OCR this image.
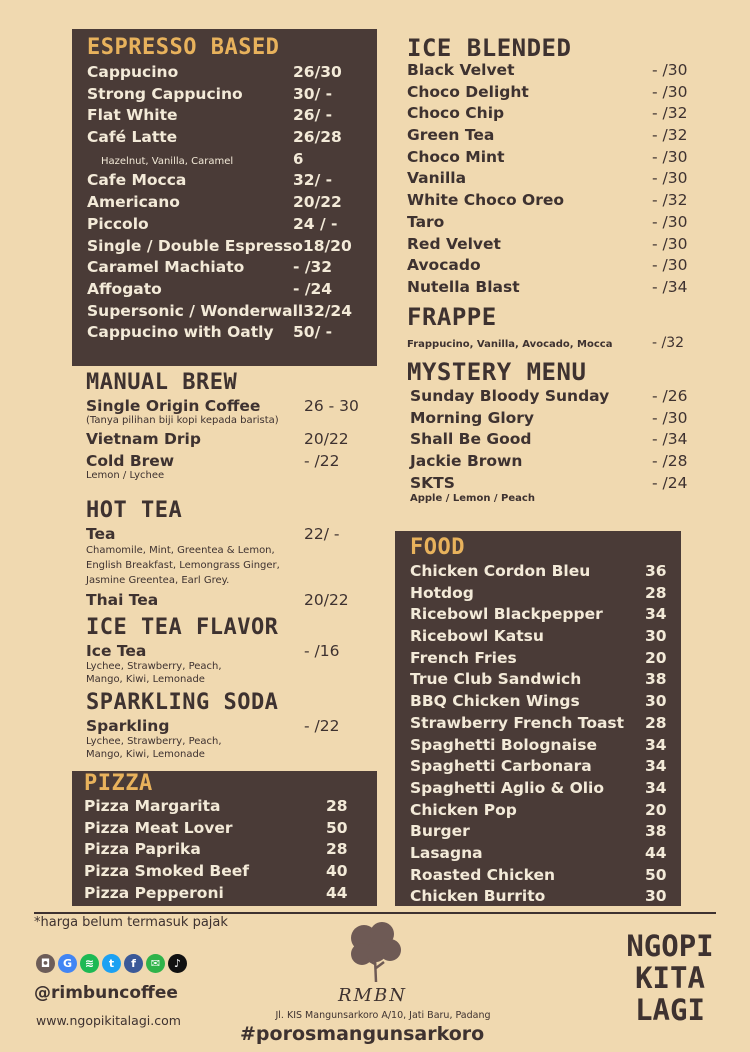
ESPRESSO BASED
Cappucino	26/30
Strong Cappucino	30/ -
Flat White	26/ -
Café Latte	26/28
Hazelnut, Vanilla, Caramel	6
Cafe Mocca	32/ -
Americano	20/22
Piccolo	24 / -
Single / Double Espresso 18/20
Caramel Machiato	- /32
Affogato	- /24
Supersonic / Wonderwall 32/24
Cappucino with Oatly 50/ -
ICE BLENDED
Black Velvet	- /30
Choco Delight	- /30
Choco Chip	- /32
Green Tea	- /32
Choco Mint	- /30
Vanilla	- /30
White Choco Oreo	- /32
Taro	- /30
Red Velvet	- /30
Avocado	- /30
Nutella Blast	- /34
FRAPPE
Frappucino, Vanilla, Avocado, Mocca	- /32
MYSTERY MENU
Sunday Bloody Sunday	- /26
Morning Glory	- /30
Shall Be Good	- /34
Jackie Brown	- /28
SKTS	- /24
Apple / Lemon / Peach
MANUAL BREW
Single Origin Coffee	26 - 30
(Tanya pilihan biji kopi kepada barista)
Vietnam Drip	20/22
Cold Brew	- /22
Lemon / Lychee
HOT TEA
Tea	22/ -
Chamomile, Mint, Greentea & Lemon,
English Breakfast, Lemongrass Ginger,
Jasmine Greentea, Earl Grey.
Thai Tea	20/22
ICE TEA FLAVOR
Ice Tea	- /16
Lychee, Strawberry, Peach,
Mango, Kiwi, Lemonade
SPARKLING SODA
Sparkling	- /22
Lychee, Strawberry, Peach,
Mango, Kiwi, Lemonade
PIZZA
Pizza Margarita	28
Pizza Meat Lover	50
Pizza Paprika	28
Pizza Smoked Beef	40
Pizza Pepperoni	44
FOOD
Chicken Cordon Bleu	36
Hotdog	28
Ricebowl Blackpepper	34
Ricebowl Katsu	30
French Fries	20
True Club Sandwich	38
BBQ Chicken Wings	30
Strawberry French Toast 28
Spaghetti Bolognaise	34
Spaghetti Carbonara	34
Spaghetti Aglio & Olio	34
Chicken Pop	20
Burger	38
Lasagna	44
Roasted Chicken	50
Chicken Burrito	30
*harga belum termasuk pajak
◘	G	≋	t	f	✉	♪
@rimbuncoffee
www.ngopikitalagi.com
RMBN
Jl. KIS Mangunsarkoro A/10, Jati Baru, Padang
#porosmangunsarkoro
NGOPI
KITA
LAGI
